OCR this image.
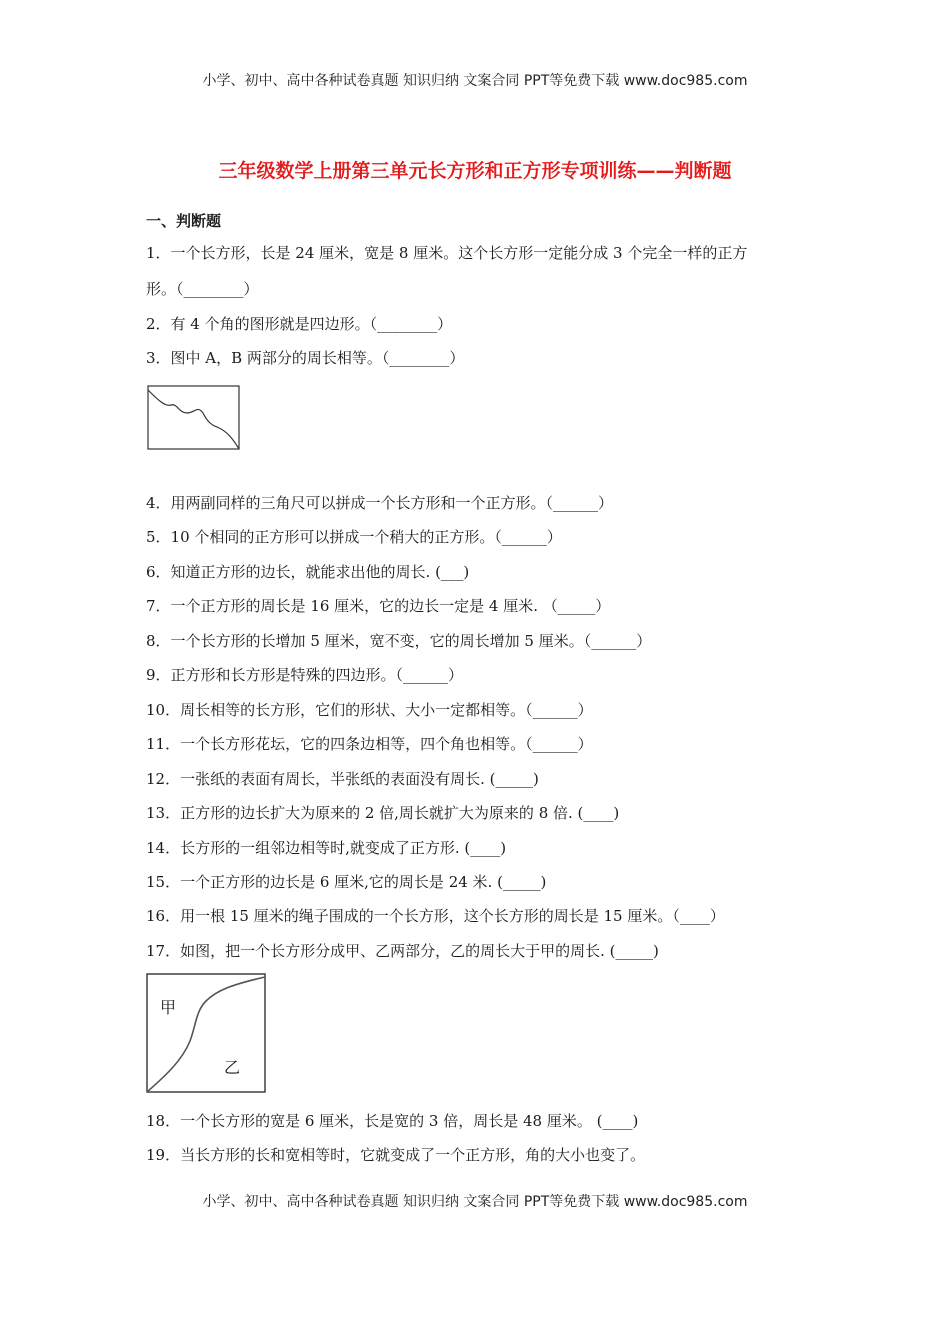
小学、初中、高中各种试卷真题 知识归纳 文案合同 PPT等免费下载 www.doc985.com
三年级数学上册第三单元长方形和正方形专项训练——判断题
一、判断题
1．一个长方形，长是 24 厘米，宽是 8 厘米。这个长方形一定能分成 3 个完全一样的正方
形。（________）
2．有 4 个角的图形就是四边形。（________）
3．图中 A，B 两部分的周长相等。（________）
4．用两副同样的三角尺可以拼成一个长方形和一个正方形。（______）
5．10 个相同的正方形可以拼成一个稍大的正方形。（______）
6．知道正方形的边长，就能求出他的周长. (___)
7．一个正方形的周长是 16 厘米，它的边长一定是 4 厘米. （_____）
8．一个长方形的长增加 5 厘米，宽不变，它的周长增加 5 厘米。（______）
9．正方形和长方形是特殊的四边形。（______）
10．周长相等的长方形，它们的形状、大小一定都相等。（______）
11．一个长方形花坛，它的四条边相等，四个角也相等。（______）
12．一张纸的表面有周长，半张纸的表面没有周长. (_____)
13．正方形的边长扩大为原来的 2 倍,周长就扩大为原来的 8 倍. (____)
14．长方形的一组邻边相等时,就变成了正方形. (____)
15．一个正方形的边长是 6 厘米,它的周长是 24 米. (_____)
16．用一根 15 厘米的绳子围成的一个长方形，这个长方形的周长是 15 厘米。（____）
17．如图，把一个长方形分成甲、乙两部分，乙的周长大于甲的周长. (_____)
甲
乙
18．一个长方形的宽是 6 厘米，长是宽的 3 倍，周长是 48 厘米。 (____)
19．当长方形的长和宽相等时，它就变成了一个正方形，角的大小也变了。
小学、初中、高中各种试卷真题 知识归纳 文案合同 PPT等免费下载 www.doc985.com
